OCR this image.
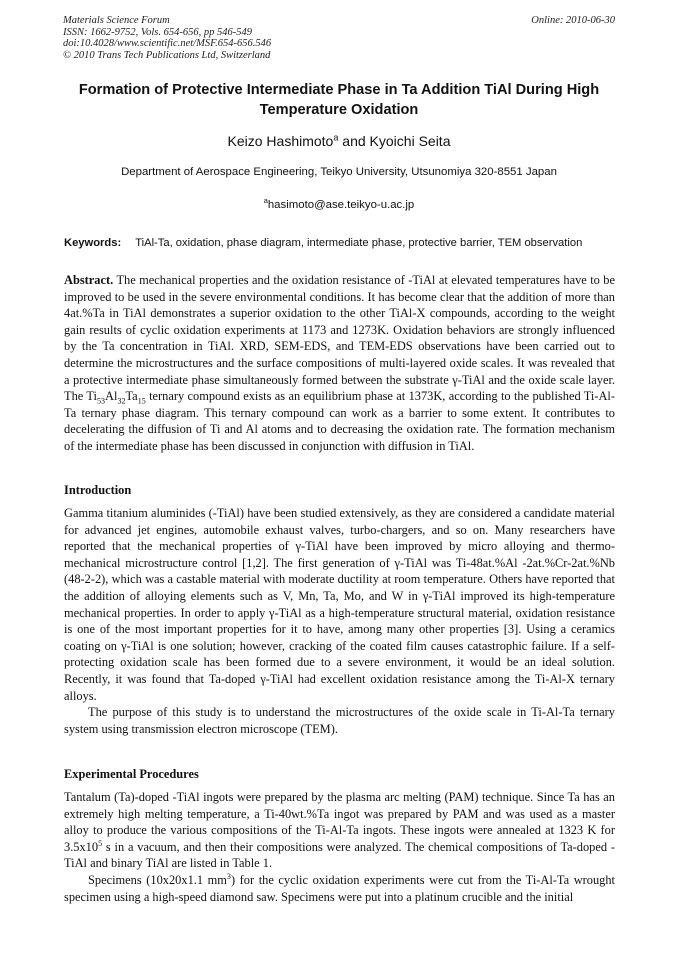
Materials Science Forum
ISSN: 1662-9752, Vols. 654-656, pp 546-549
doi:10.4028/www.scientific.net/MSF.654-656.546
© 2010 Trans Tech Publications Ltd, Switzerland
Online: 2010-06-30
Formation of Protective Intermediate Phase in Ta Addition TiAl During High Temperature Oxidation
Keizo Hashimoto$^a$ and Kyoichi Seita
Department of Aerospace Engineering, Teikyo University, Utsunomiya 320-8551 Japan
$^a$hasimoto@ase.teikyo-u.ac.jp
Keywords: TiAl-Ta, oxidation, phase diagram, intermediate phase, protective barrier, TEM observation

Abstract. The mechanical properties and the oxidation resistance of -TiAl at elevated temperatures have to be improved to be used in the severe environmental conditions. It has become clear that the addition of more than 4at.%Ta in TiAl demonstrates a superior oxidation to the other TiAl-X compounds, according to the weight gain results of cyclic oxidation experiments at 1173 and 1273K. Oxidation behaviors are strongly influenced by the Ta concentration in TiAl. XRD, SEM-EDS, and TEM-EDS observations have been carried out to determine the microstructures and the surface compositions of multi-layered oxide scales. It was revealed that a protective intermediate phase simultaneously formed between the substrate γ-TiAl and the oxide scale layer. The $Ti_{53}Al_{32}Ta_{15}$ ternary compound exists as an equilibrium phase at 1373K, according to the published Ti-Al-Ta ternary phase diagram. This ternary compound can work as a barrier to some extent. It contributes to decelerating the diffusion of Ti and Al atoms and to decreasing the oxidation rate. The formation mechanism of the intermediate phase has been discussed in conjunction with diffusion in TiAl.

Introduction

Gamma titanium aluminides (-TiAl) have been studied extensively, as they are considered a candidate material for advanced jet engines, automobile exhaust valves, turbo-chargers, and so on. Many researchers have reported that the mechanical properties of γ-TiAl have been improved by micro alloying and thermo-mechanical microstructure control [1,2]. The first generation of γ-TiAl was Ti-48at.%Al -2at.%Cr-2at.%Nb (48-2-2), which was a castable material with moderate ductility at room temperature. Others have reported that the addition of alloying elements such as V, Mn, Ta, Mo, and W in γ-TiAl improved its high-temperature mechanical properties. In order to apply γ-TiAl as a high-temperature structural material, oxidation resistance is one of the most important properties for it to have, among many other properties [3]. Using a ceramics coating on γ-TiAl is one solution; however, cracking of the coated film causes catastrophic failure. If a self-protecting oxidation scale has been formed due to a severe environment, it would be an ideal solution. Recently, it was found that Ta-doped γ-TiAl had excellent oxidation resistance among the Ti-Al-X ternary alloys.

The purpose of this study is to understand the microstructures of the oxide scale in Ti-Al-Ta ternary system using transmission electron microscope (TEM).

Experimental Procedures

Tantalum (Ta)-doped -TiAl ingots were prepared by the plasma arc melting (PAM) technique. Since Ta has an extremely high melting temperature, a Ti-40wt.%Ta ingot was prepared by PAM and was used as a master alloy to produce the various compositions of the Ti-Al-Ta ingots. These ingots were annealed at 1323 K for $3.5x10^5$ s in a vacuum, and then their compositions were analyzed. The chemical compositions of Ta-doped -TiAl and binary TiAl are listed in Table 1.

Specimens (10x20x1.1 $mm^3$) for the cyclic oxidation experiments were cut from the Ti-Al-Ta wrought specimen using a high-speed diamond saw. Specimens were put into a platinum crucible and the initial
